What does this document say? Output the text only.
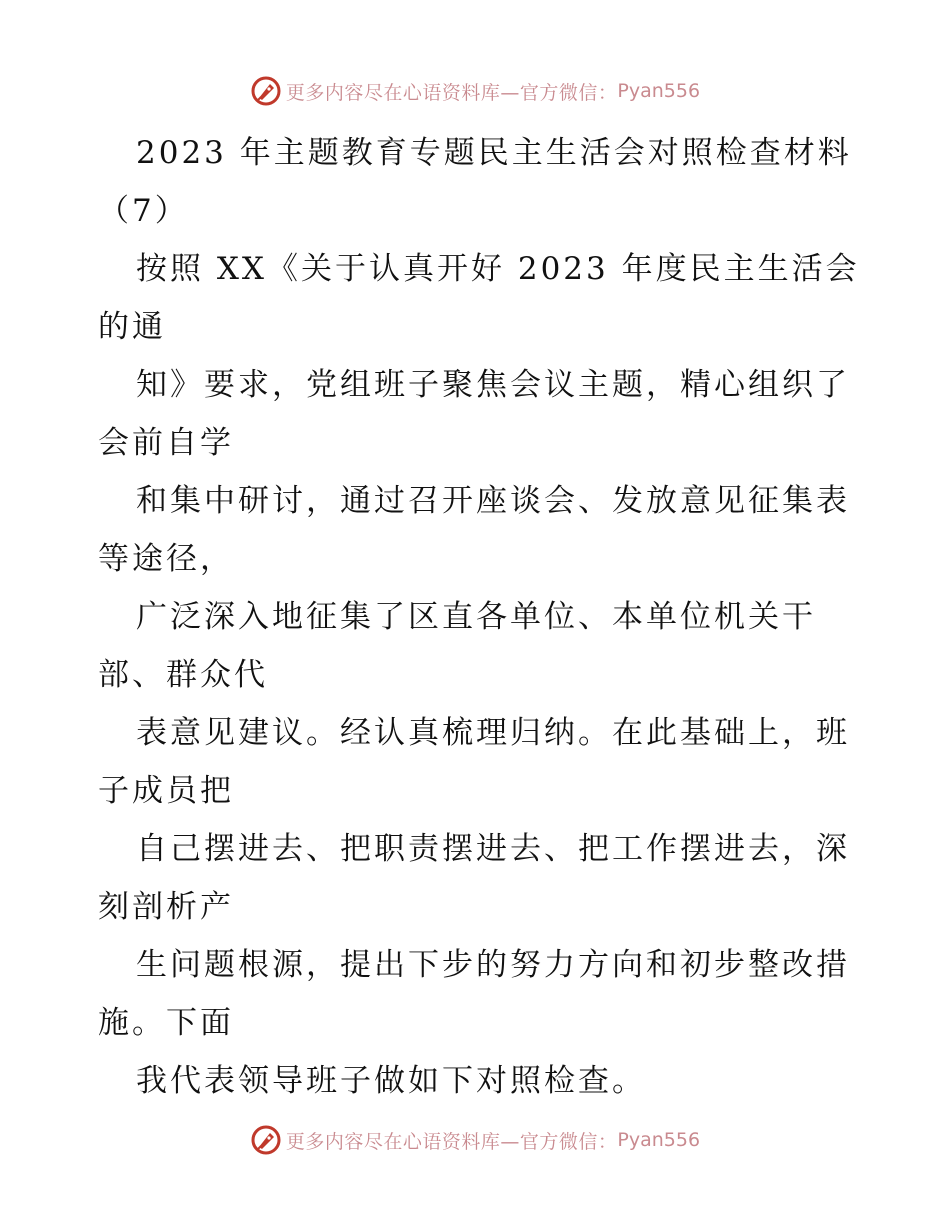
更多内容尽在心语资料库—官方微信： Pyan556
2023 年主题教育专题民主生活会对照检查材料
（7）
按照 XX《关于认真开好 2023 年度民主生活会
的通
知》要求，党组班子聚焦会议主题，精心组织了
会前自学
和集中研讨，通过召开座谈会、发放意见征集表
等途径，
广泛深入地征集了区直各单位、本单位机关干
部、群众代
表意见建议。经认真梳理归纳。在此基础上，班
子成员把
自己摆进去、把职责摆进去、把工作摆进去，深
刻剖析产
生问题根源，提出下步的努力方向和初步整改措
施。下面
我代表领导班子做如下对照检查。
更多内容尽在心语资料库—官方微信： Pyan556
